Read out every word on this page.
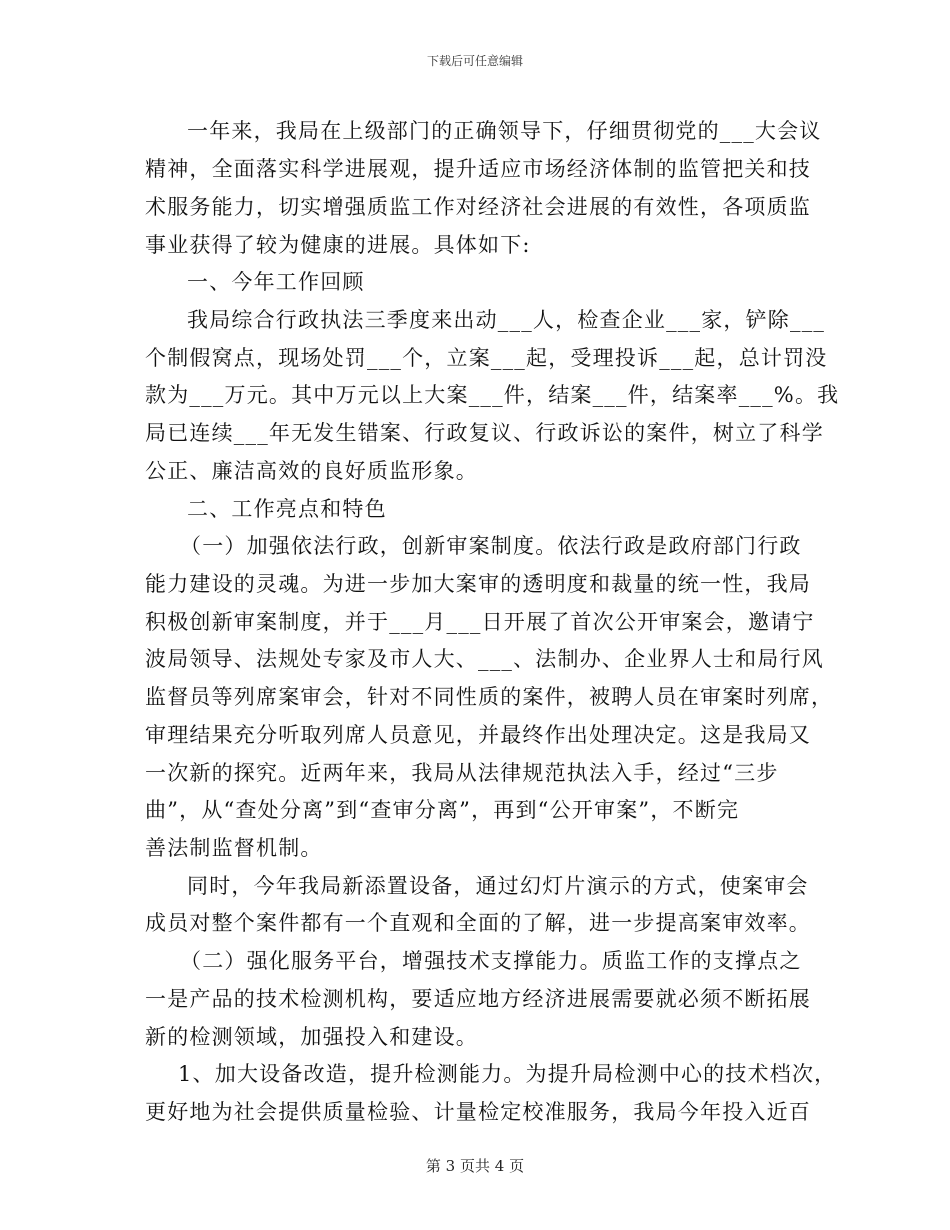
下载后可任意编辑
一年来，我局在上级部门的正确领导下，仔细贯彻党的___大会议
精神，全面落实科学进展观，提升适应市场经济体制的监管把关和技
术服务能力，切实增强质监工作对经济社会进展的有效性，各项质监
事业获得了较为健康的进展。具体如下:
一、今年工作回顾
我局综合行政执法三季度来出动___人，检查企业___家，铲除___
个制假窝点，现场处罚___个，立案___起，受理投诉___起，总计罚没
款为___万元。其中万元以上大案___件，结案___件，结案率___%。我
局已连续___年无发生错案、行政复议、行政诉讼的案件，树立了科学
公正、廉洁高效的良好质监形象。
二、工作亮点和特色
（一）加强依法行政，创新审案制度。依法行政是政府部门行政
能力建设的灵魂。为进一步加大案审的透明度和裁量的统一性，我局
积极创新审案制度，并于___月___日开展了首次公开审案会，邀请宁
波局领导、法规处专家及市人大、___、法制办、企业界人士和局行风
监督员等列席案审会，针对不同性质的案件，被聘人员在审案时列席，
审理结果充分听取列席人员意见，并最终作出处理决定。这是我局又
一次新的探究。近两年来，我局从法律规范执法入手，经过“三步
曲”，从“查处分离”到“查审分离”，再到“公开审案”，不断完
善法制监督机制。
同时，今年我局新添置设备，通过幻灯片演示的方式，使案审会
成员对整个案件都有一个直观和全面的了解，进一步提高案审效率。
（二）强化服务平台，增强技术支撑能力。质监工作的支撑点之
一是产品的技术检测机构，要适应地方经济进展需要就必须不断拓展
新的检测领域，加强投入和建设。
1、加大设备改造，提升检测能力。为提升局检测中心的技术档次，
更好地为社会提供质量检验、计量检定校准服务，我局今年投入近百
第 3 页共 4 页
